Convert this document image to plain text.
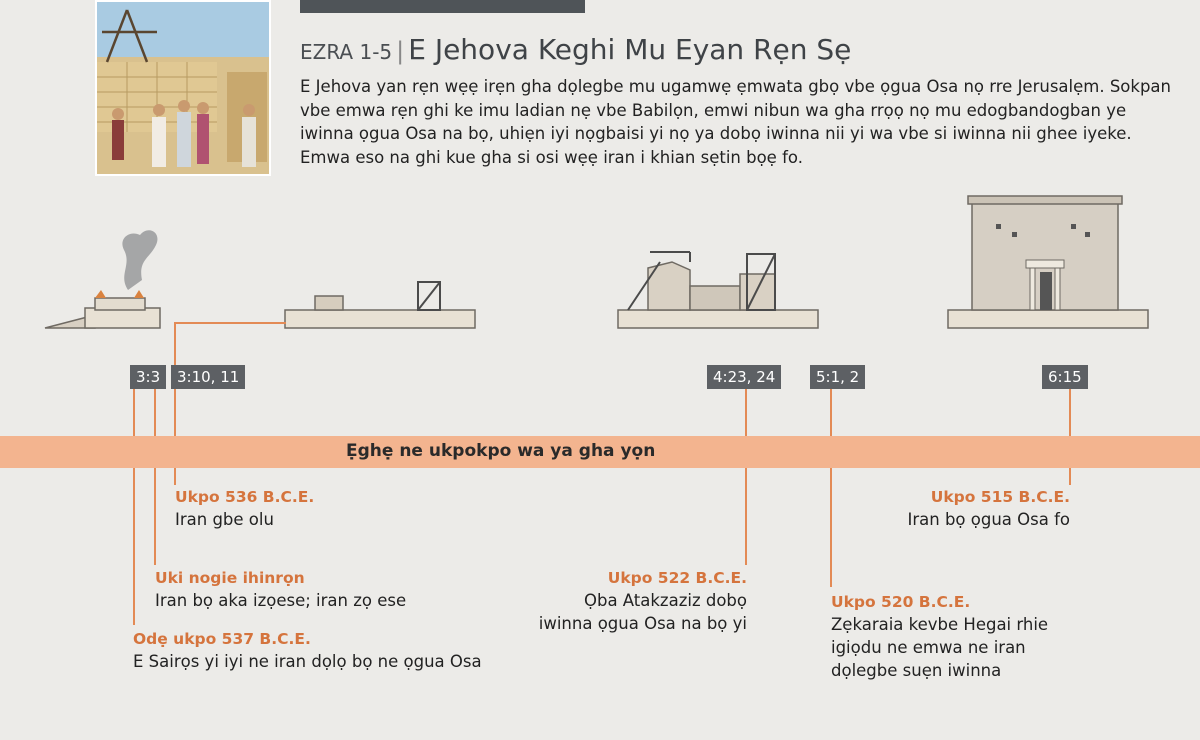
EZRA 1-5 | E Jehova Keghi Mu Eyan Rẹn Sẹ

E Jehova yan rẹn wẹẹ irẹn gha dọlegbe mu ugamwẹ ẹmwata gbọ vbe ọgua Osa nọ rre Jerusalẹm. Sokpan vbe emwa rẹn ghi ke imu ladian nẹ vbe Babilọn, emwi nibun wa gha rrọọ nọ mu edogbandogban ye iwinna ọgua Osa na bọ, uhiẹn iyi nọgbaisi yi nọ ya dobọ iwinna nii yi wa vbe si iwinna nii ghee iyeke. Emwa eso na ghi kue gha si osi wẹẹ iran i khian sẹtin bọẹ fo.

3:3	3:10, 11	4:23, 24	5:1, 2	6:15
Ẹghẹ ne ukpokpo wa ya gha yọn
Ukpo 536 B.C.E.
Iran gbe olu
Uki nogie ihinrọn
Iran bọ aka izọese; iran zọ ese
Odẹ ukpo 537 B.C.E.
E Sairọs yi iyi ne iran dọlọ bọ ne ọgua Osa
Ukpo 522 B.C.E.
Ọba Atakzaziz dobọ
iwinna ọgua Osa na bọ yi
Ukpo 520 B.C.E.
Zẹkaraia kevbe Hegai rhie
igiọdu ne emwa ne iran
dọlegbe suẹn iwinna
Ukpo 515 B.C.E.
Iran bọ ọgua Osa fo
